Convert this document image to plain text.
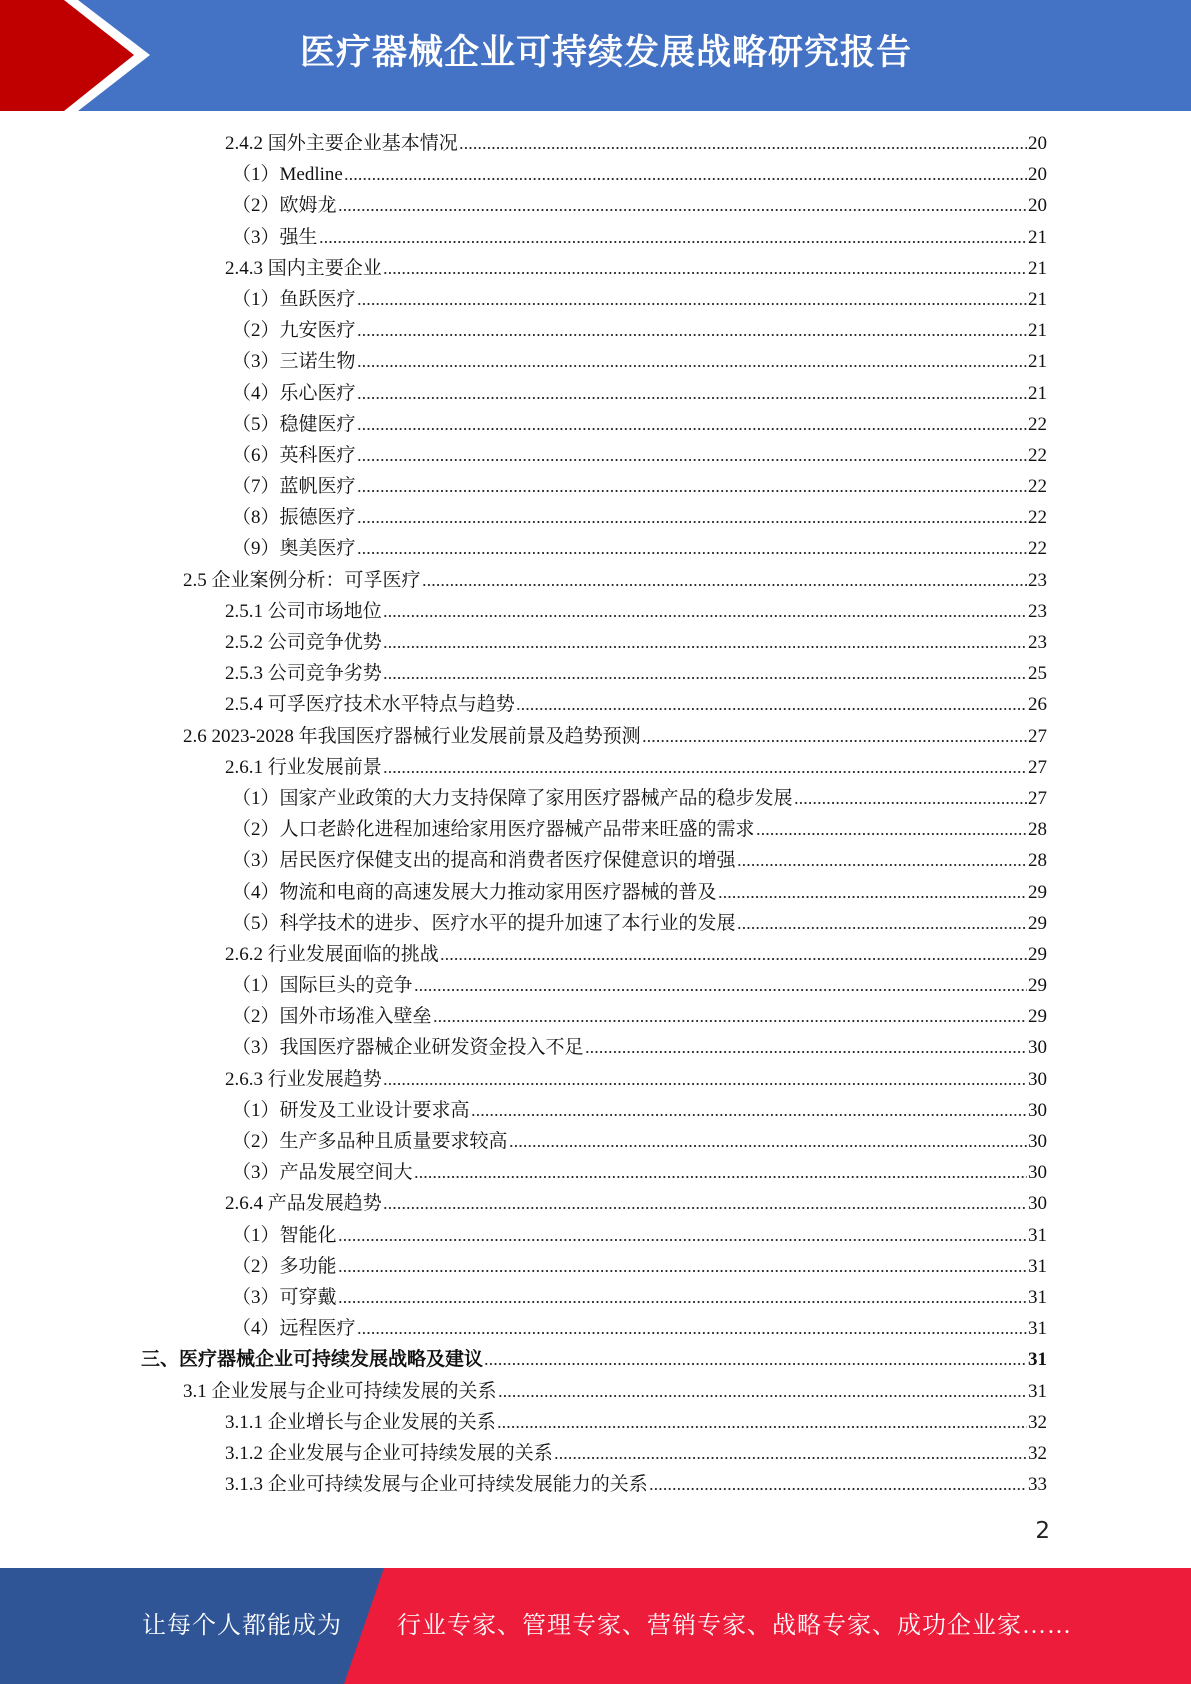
医疗器械企业可持续发展战略研究报告
2.4.2 国外主要企业基本情况	20
（1）Medline	20
（2）欧姆龙	20
（3）强生	21
2.4.3 国内主要企业	21
（1）鱼跃医疗	21
（2）九安医疗	21
（3）三诺生物	21
（4）乐心医疗	21
（5）稳健医疗	22
（6）英科医疗	22
（7）蓝帆医疗	22
（8）振德医疗	22
（9）奥美医疗	22
2.5 企业案例分析：可孚医疗	23
2.5.1 公司市场地位	23
2.5.2 公司竞争优势	23
2.5.3 公司竞争劣势	25
2.5.4 可孚医疗技术水平特点与趋势	26
2.6 2023-2028 年我国医疗器械行业发展前景及趋势预测	27
2.6.1 行业发展前景	27
（1）国家产业政策的大力支持保障了家用医疗器械产品的稳步发展	27
（2）人口老龄化进程加速给家用医疗器械产品带来旺盛的需求	28
（3）居民医疗保健支出的提高和消费者医疗保健意识的增强	28
（4）物流和电商的高速发展大力推动家用医疗器械的普及	29
（5）科学技术的进步、医疗水平的提升加速了本行业的发展	29
2.6.2 行业发展面临的挑战	29
（1）国际巨头的竞争	29
（2）国外市场准入壁垒	29
（3）我国医疗器械企业研发资金投入不足	30
2.6.3 行业发展趋势	30
（1）研发及工业设计要求高	30
（2）生产多品种且质量要求较高	30
（3）产品发展空间大	30
2.6.4 产品发展趋势	30
（1）智能化	31
（2）多功能	31
（3）可穿戴	31
（4）远程医疗	31
三、医疗器械企业可持续发展战略及建议	31
3.1 企业发展与企业可持续发展的关系	31
3.1.1 企业增长与企业发展的关系	32
3.1.2 企业发展与企业可持续发展的关系	32
3.1.3 企业可持续发展与企业可持续发展能力的关系	33
2
让每个人都能成为 行业专家、管理专家、营销专家、战略专家、成功企业家……
